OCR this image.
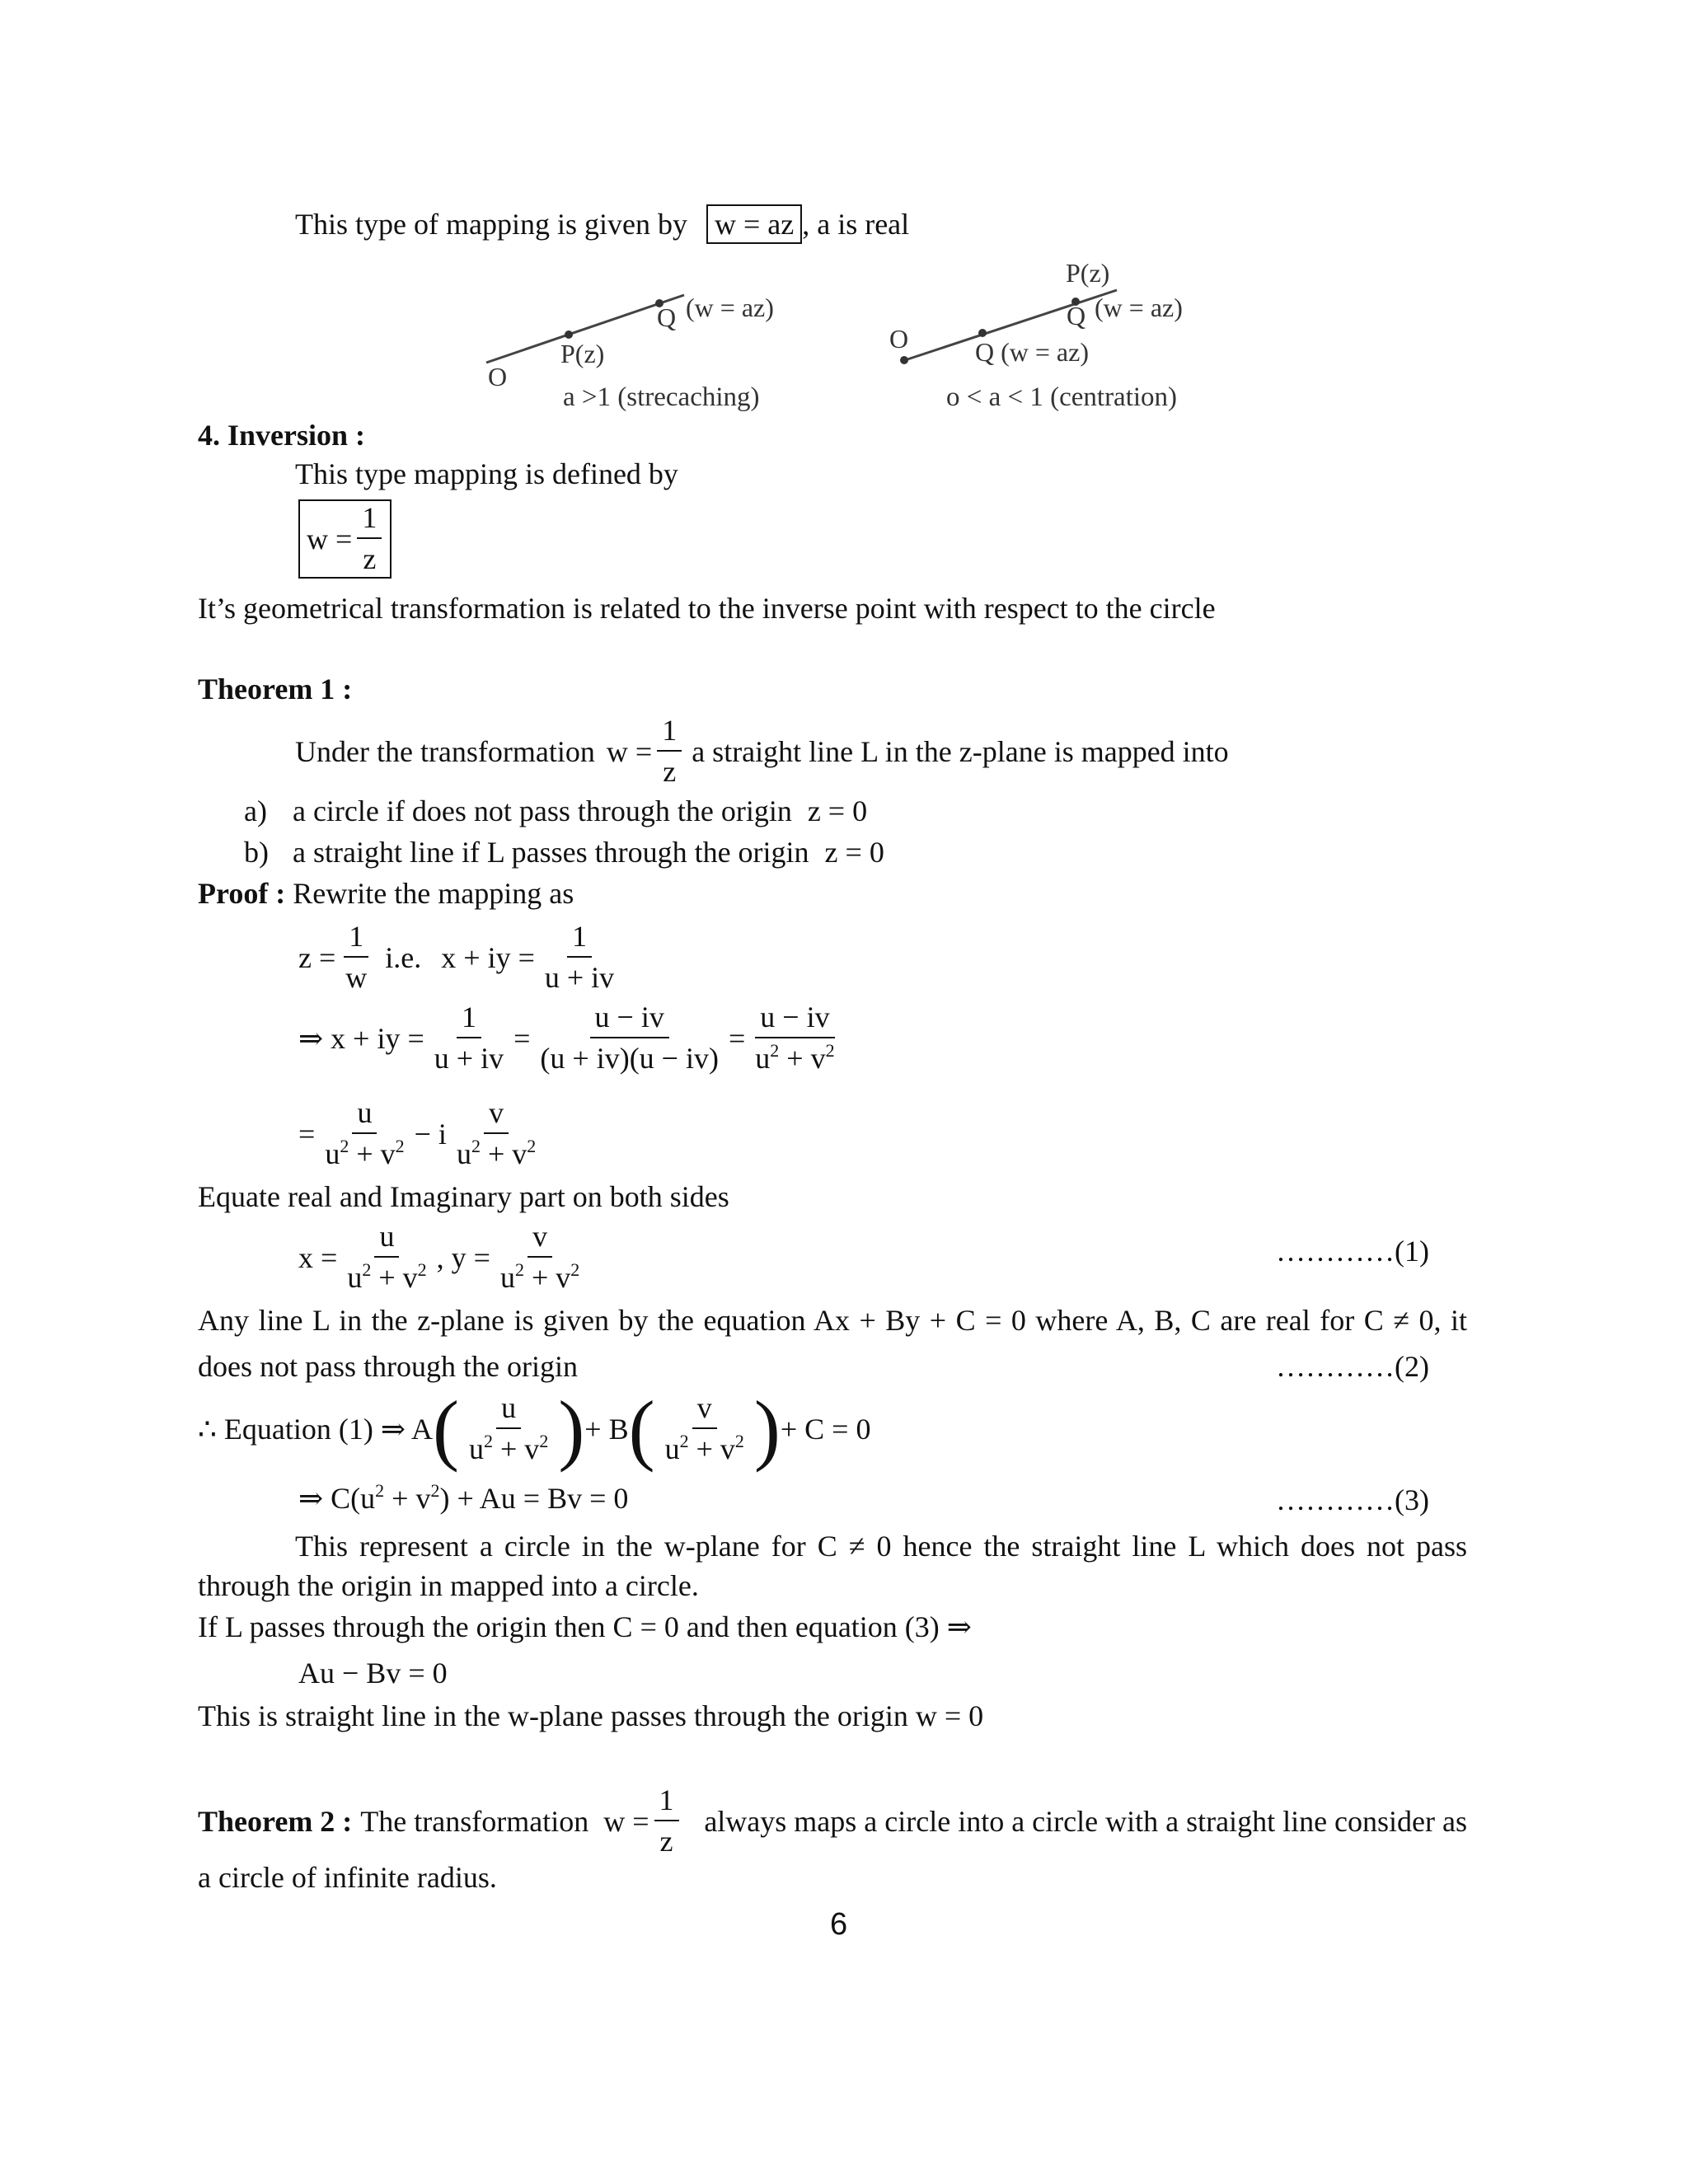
This type of mapping is given by w = az , a is real
O
P(z)
Q (w = az)
a >1 (strecaching)
O
P(z)
Q (w = az)
Q (w = az)
o < a < 1 (centration)
4. Inversion :
This type mapping is defined by
$w = \frac{1}{z}$
It’s geometrical transformation is related to the inverse point with respect to the circle
Theorem 1 :
Under the transformation $w = \frac{1}{z}$ a straight line L in the z-plane is mapped into
a) a circle if does not pass through the origin z = 0
b) a straight line if L passes through the origin z = 0
Proof : Rewrite the mapping as
$z = \frac{1}{w} i.e$. x + iy = $\frac{1}{u + iv}$
⇒ x + iy = $\frac{1}{u + iv} = \frac{u - iv}{(u + iv)(u - iv)} = \frac{u - iv}{u^2 + v^2}$
= $\frac{u}{u^2 + v^2} - i \frac{v}{u^2 + v^2}$
Equate real and Imaginary part on both sides
$x = \frac{u}{u^2 + v^2}$ , $y = \frac{v}{u^2 + v^2}$	…………(1)
Any line L in the z-plane is given by the equation Ax + By + C = 0 where A, B, C are real for C ≠ 0, it
does not pass through the origin	…………(2)
∴ Equation (1) ⇒ A ( $\frac{u}{u^2 + v^2}$ ) + B ( $\frac{v}{u^2 + v^2}$ ) + C = 0
⇒ $C(u^2 + v^2) + Au = Bv = 0$	…………(3)
This represent a circle in the w-plane for C ≠ 0 hence the straight line L which does not pass
through the origin in mapped into a circle.
If L passes through the origin then C = 0 and then equation (3) ⇒
Au − Bv = 0
This is straight line in the w-plane passes through the origin w = 0
Theorem 2 : The transformation $w = \frac{1}{z}$ always maps a circle into a circle with a straight line consider as
a circle of infinite radius.
6
